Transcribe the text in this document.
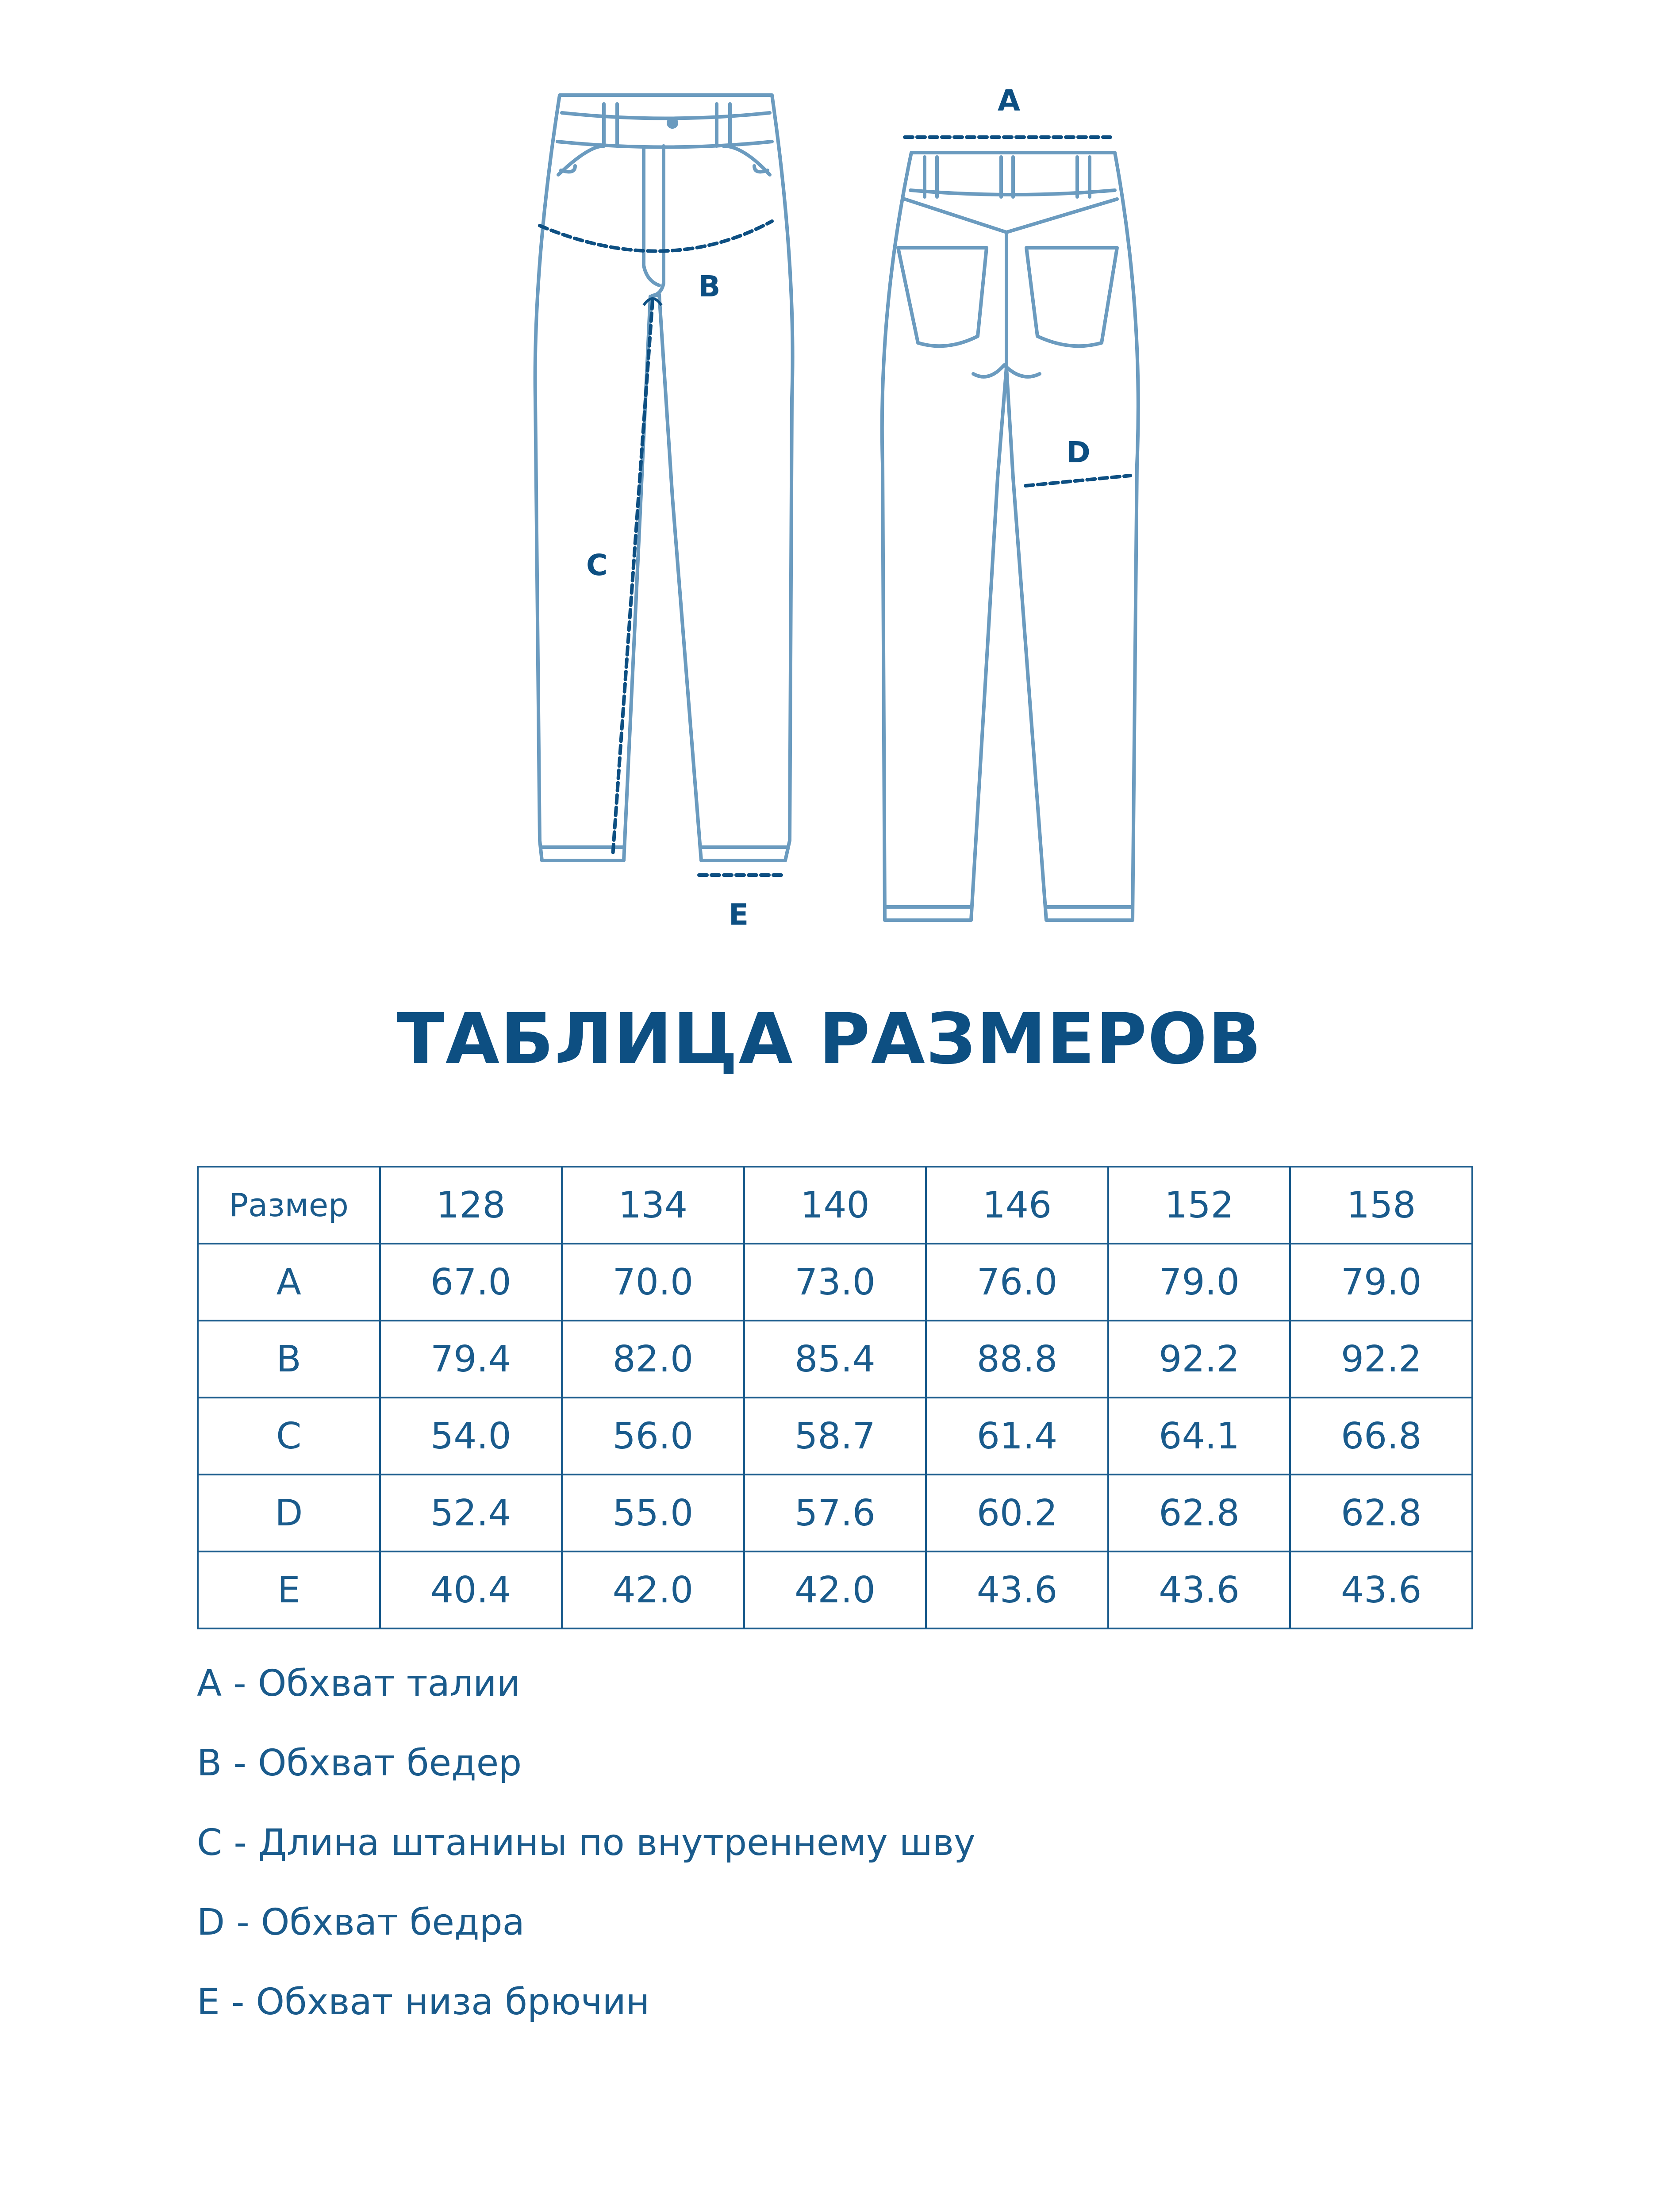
A
B
C
D
E
ТАБЛИЦА РАЗМЕРОВ
Размер	128	134	140	146	152	158
A	67.0	70.0	73.0	76.0	79.0	79.0
B	79.4	82.0	85.4	88.8	92.2	92.2
C	54.0	56.0	58.7	61.4	64.1	66.8
D	52.4	55.0	57.6	60.2	62.8	62.8
E	40.4	42.0	42.0	43.6	43.6	43.6
A - Обхват талии
B - Обхват бедер
C - Длина штанины по внутреннему шву
D - Обхват бедра
E - Обхват низа брючин
